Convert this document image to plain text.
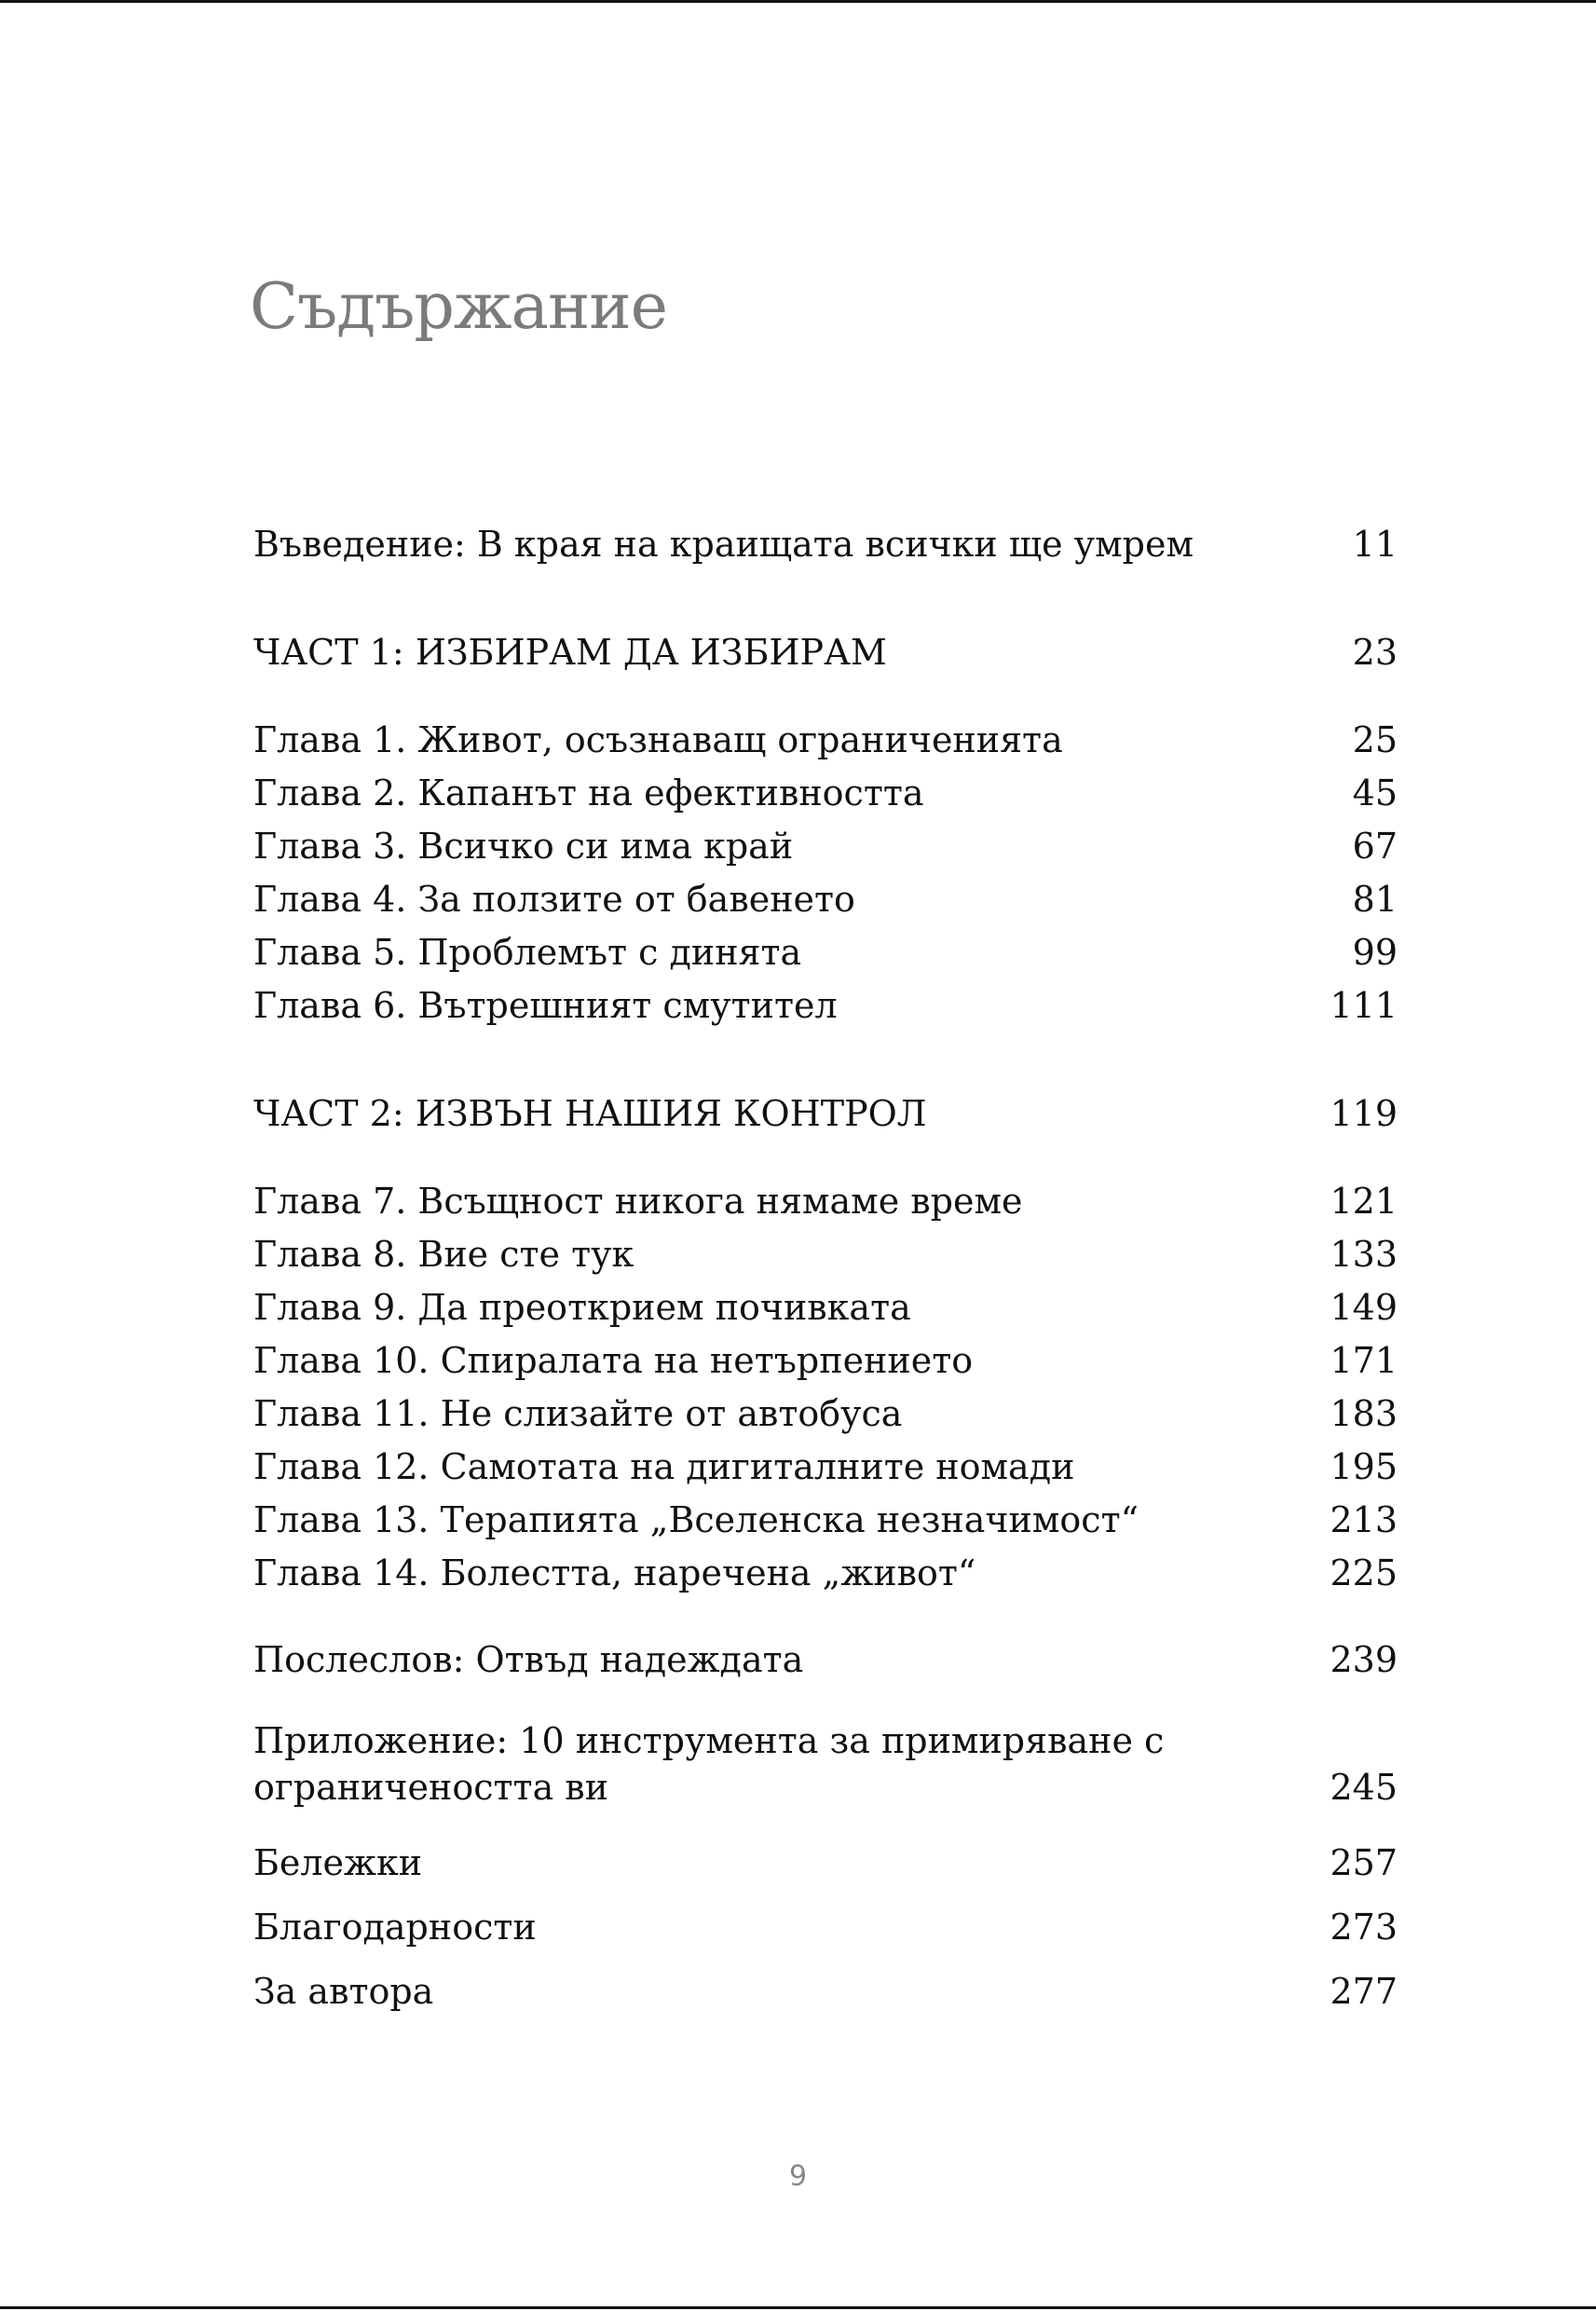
Съдържание
Въведение: В края на краищата всички ще умрем	11
ЧАСТ 1: ИЗБИРАМ ДА ИЗБИРАМ	23
Глава 1. Живот, осъзнаващ ограниченията	25
Глава 2. Капанът на ефективността	45
Глава 3. Всичко си има край	67
Глава 4. За ползите от бавенето	81
Глава 5. Проблемът с динята	99
Глава 6. Вътрешният смутител	111
ЧАСТ 2: ИЗВЪН НАШИЯ КОНТРОЛ	119
Глава 7. Всъщност никога нямаме време	121
Глава 8. Вие сте тук	133
Глава 9. Да преоткрием почивката	149
Глава 10. Спиралата на нетърпението	171
Глава 11. Не слизайте от автобуса	183
Глава 12. Самотата на дигиталните номади	195
Глава 13. Терапията „Вселенска незначимост“	213
Глава 14. Болестта, наречена „живот“	225
Послеслов: Отвъд надеждата	239
Приложение: 10 инструмента за примиряване с
ограничеността ви	245
Бележки	257
Благодарности	273
За автора	277
9
